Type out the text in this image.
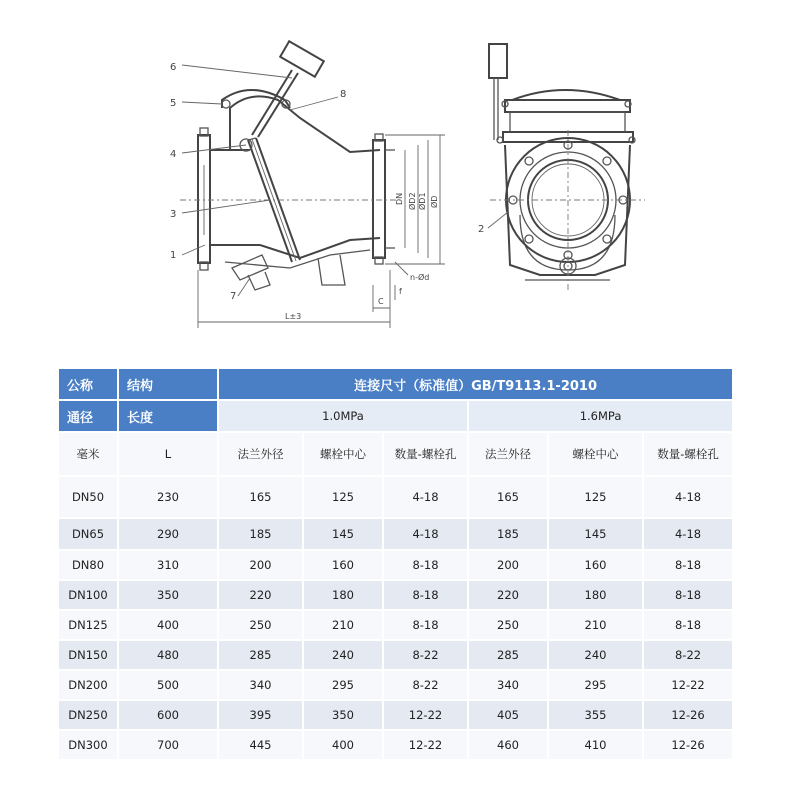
6
5
4
3
1
7
8
2
DN ØD2 ØD1 ØD
n-Ød
C
f
L±3
公称	结构	连接尺寸（标准值）GB/T9113.1-2010					
通径	长度	1.0MPa			1.6MPa		
毫米	L	法兰外径	螺栓中心	数量-螺栓孔	法兰外径	螺栓中心	数量-螺栓孔
DN50	230	165	125	4-18	165	125	4-18
DN65	290	185	145	4-18	185	145	4-18
DN80	310	200	160	8-18	200	160	8-18
DN100	350	220	180	8-18	220	180	8-18
DN125	400	250	210	8-18	250	210	8-18
DN150	480	285	240	8-22	285	240	8-22
DN200	500	340	295	8-22	340	295	12-22
DN250	600	395	350	12-22	405	355	12-26
DN300	700	445	400	12-22	460	410	12-26
